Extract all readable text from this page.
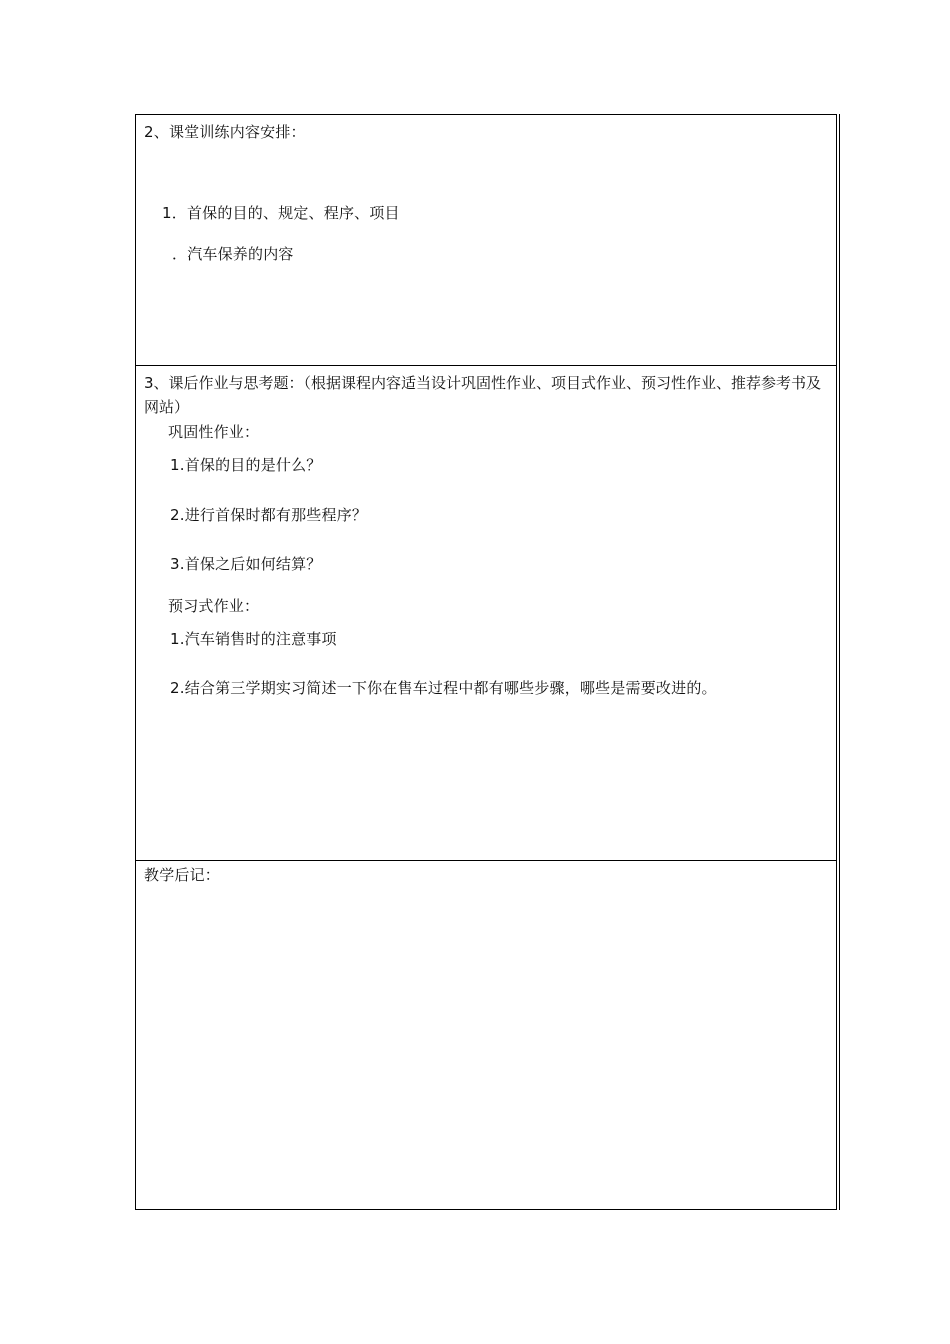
2、课堂训练内容安排：
1．首保的目的、规定、程序、项目
．汽车保养的内容
3、课后作业与思考题：（根据课程内容适当设计巩固性作业、项目式作业、预习性作业、推荐参考书及网站）
巩固性作业：
1.首保的目的是什么？
2.进行首保时都有那些程序？
3.首保之后如何结算？
预习式作业：
1.汽车销售时的注意事项
2.结合第三学期实习简述一下你在售车过程中都有哪些步骤，哪些是需要改进的。
教学后记：
